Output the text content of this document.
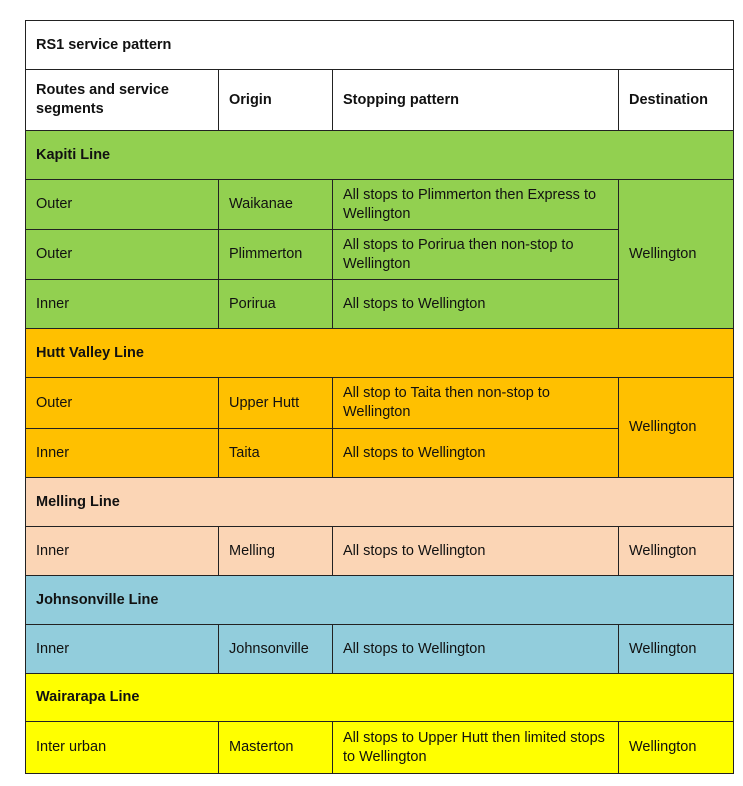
RS1 service pattern			
Routes and service segments	Origin	Stopping pattern	Destination
Kapiti Line			
Outer	Waikanae	All stops to Plimmerton then Express to Wellington	Wellington
Outer	Plimmerton	All stops to Porirua then non-stop to Wellington	
Inner	Porirua	All stops to Wellington	
Hutt Valley Line			
Outer	Upper Hutt	All stop to Taita then non-stop to Wellington	Wellington
Inner	Taita	All stops to Wellington	
Melling Line			
Inner	Melling	All stops to Wellington	Wellington
Johnsonville Line			
Inner	Johnsonville	All stops to Wellington	Wellington
Wairarapa Line			
Inter urban	Masterton	All stops to Upper Hutt then limited stops to Wellington	Wellington
